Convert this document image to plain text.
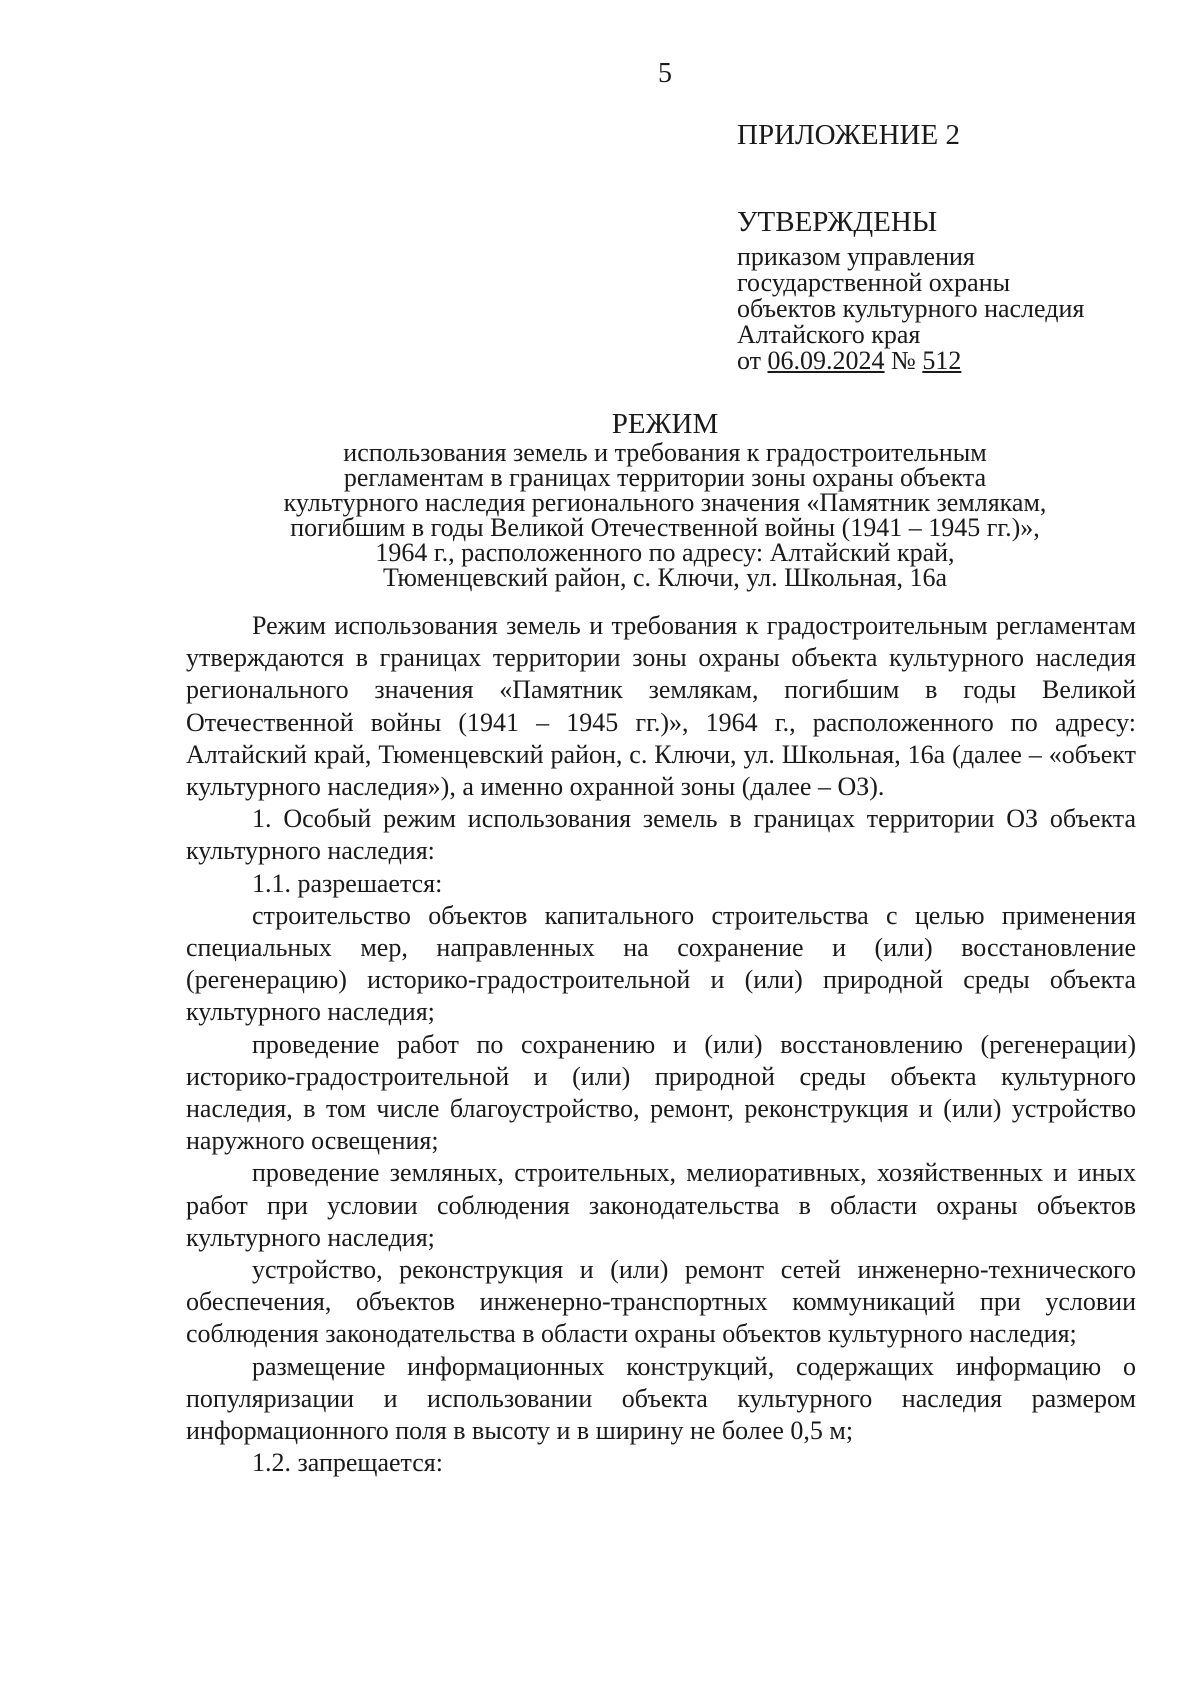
5
ПРИЛОЖЕНИЕ 2
УТВЕРЖДЕНЫ
приказом управления
государственной охраны
объектов культурного наследия
Алтайского края
от 06.09.2024 № 512
РЕЖИМ
использования земель и требования к градостроительным
регламентам в границах территории зоны охраны объекта
культурного наследия регионального значения «Памятник землякам,
погибшим в годы Великой Отечественной войны (1941 – 1945 гг.)»,
1964 г., расположенного по адресу: Алтайский край,
Тюменцевский район, с. Ключи, ул. Школьная, 16а

Режим использования земель и требования к градостроительным регламентам утверждаются в границах территории зоны охраны объекта культурного наследия регионального значения «Памятник землякам, погибшим в годы Великой Отечественной войны (1941 – 1945 гг.)», 1964 г., расположенного по адресу: Алтайский край, Тюменцевский район, с. Ключи, ул. Школьная, 16а (далее – «объект культурного наследия»), а именно охранной зоны (далее – ОЗ).

1. Особый режим использования земель в границах территории ОЗ объекта культурного наследия:

1.1. разрешается:

строительство объектов капитального строительства с целью применения специальных мер, направленных на сохранение и (или) восстановление (регенерацию) историко-градостроительной и (или) природной среды объекта культурного наследия;

проведение работ по сохранению и (или) восстановлению (регенерации) историко-градостроительной и (или) природной среды объекта культурного наследия, в том числе благоустройство, ремонт, реконструкция и (или) устройство наружного освещения;

проведение земляных, строительных, мелиоративных, хозяйственных и иных работ при условии соблюдения законодательства в области охраны объектов культурного наследия;

устройство, реконструкция и (или) ремонт сетей инженерно-технического обеспечения, объектов инженерно-транспортных коммуникаций при условии соблюдения законодательства в области охраны объектов культурного наследия;

размещение информационных конструкций, содержащих информацию о популяризации и использовании объекта культурного наследия размером информационного поля в высоту и в ширину не более 0,5 м;

1.2. запрещается:
